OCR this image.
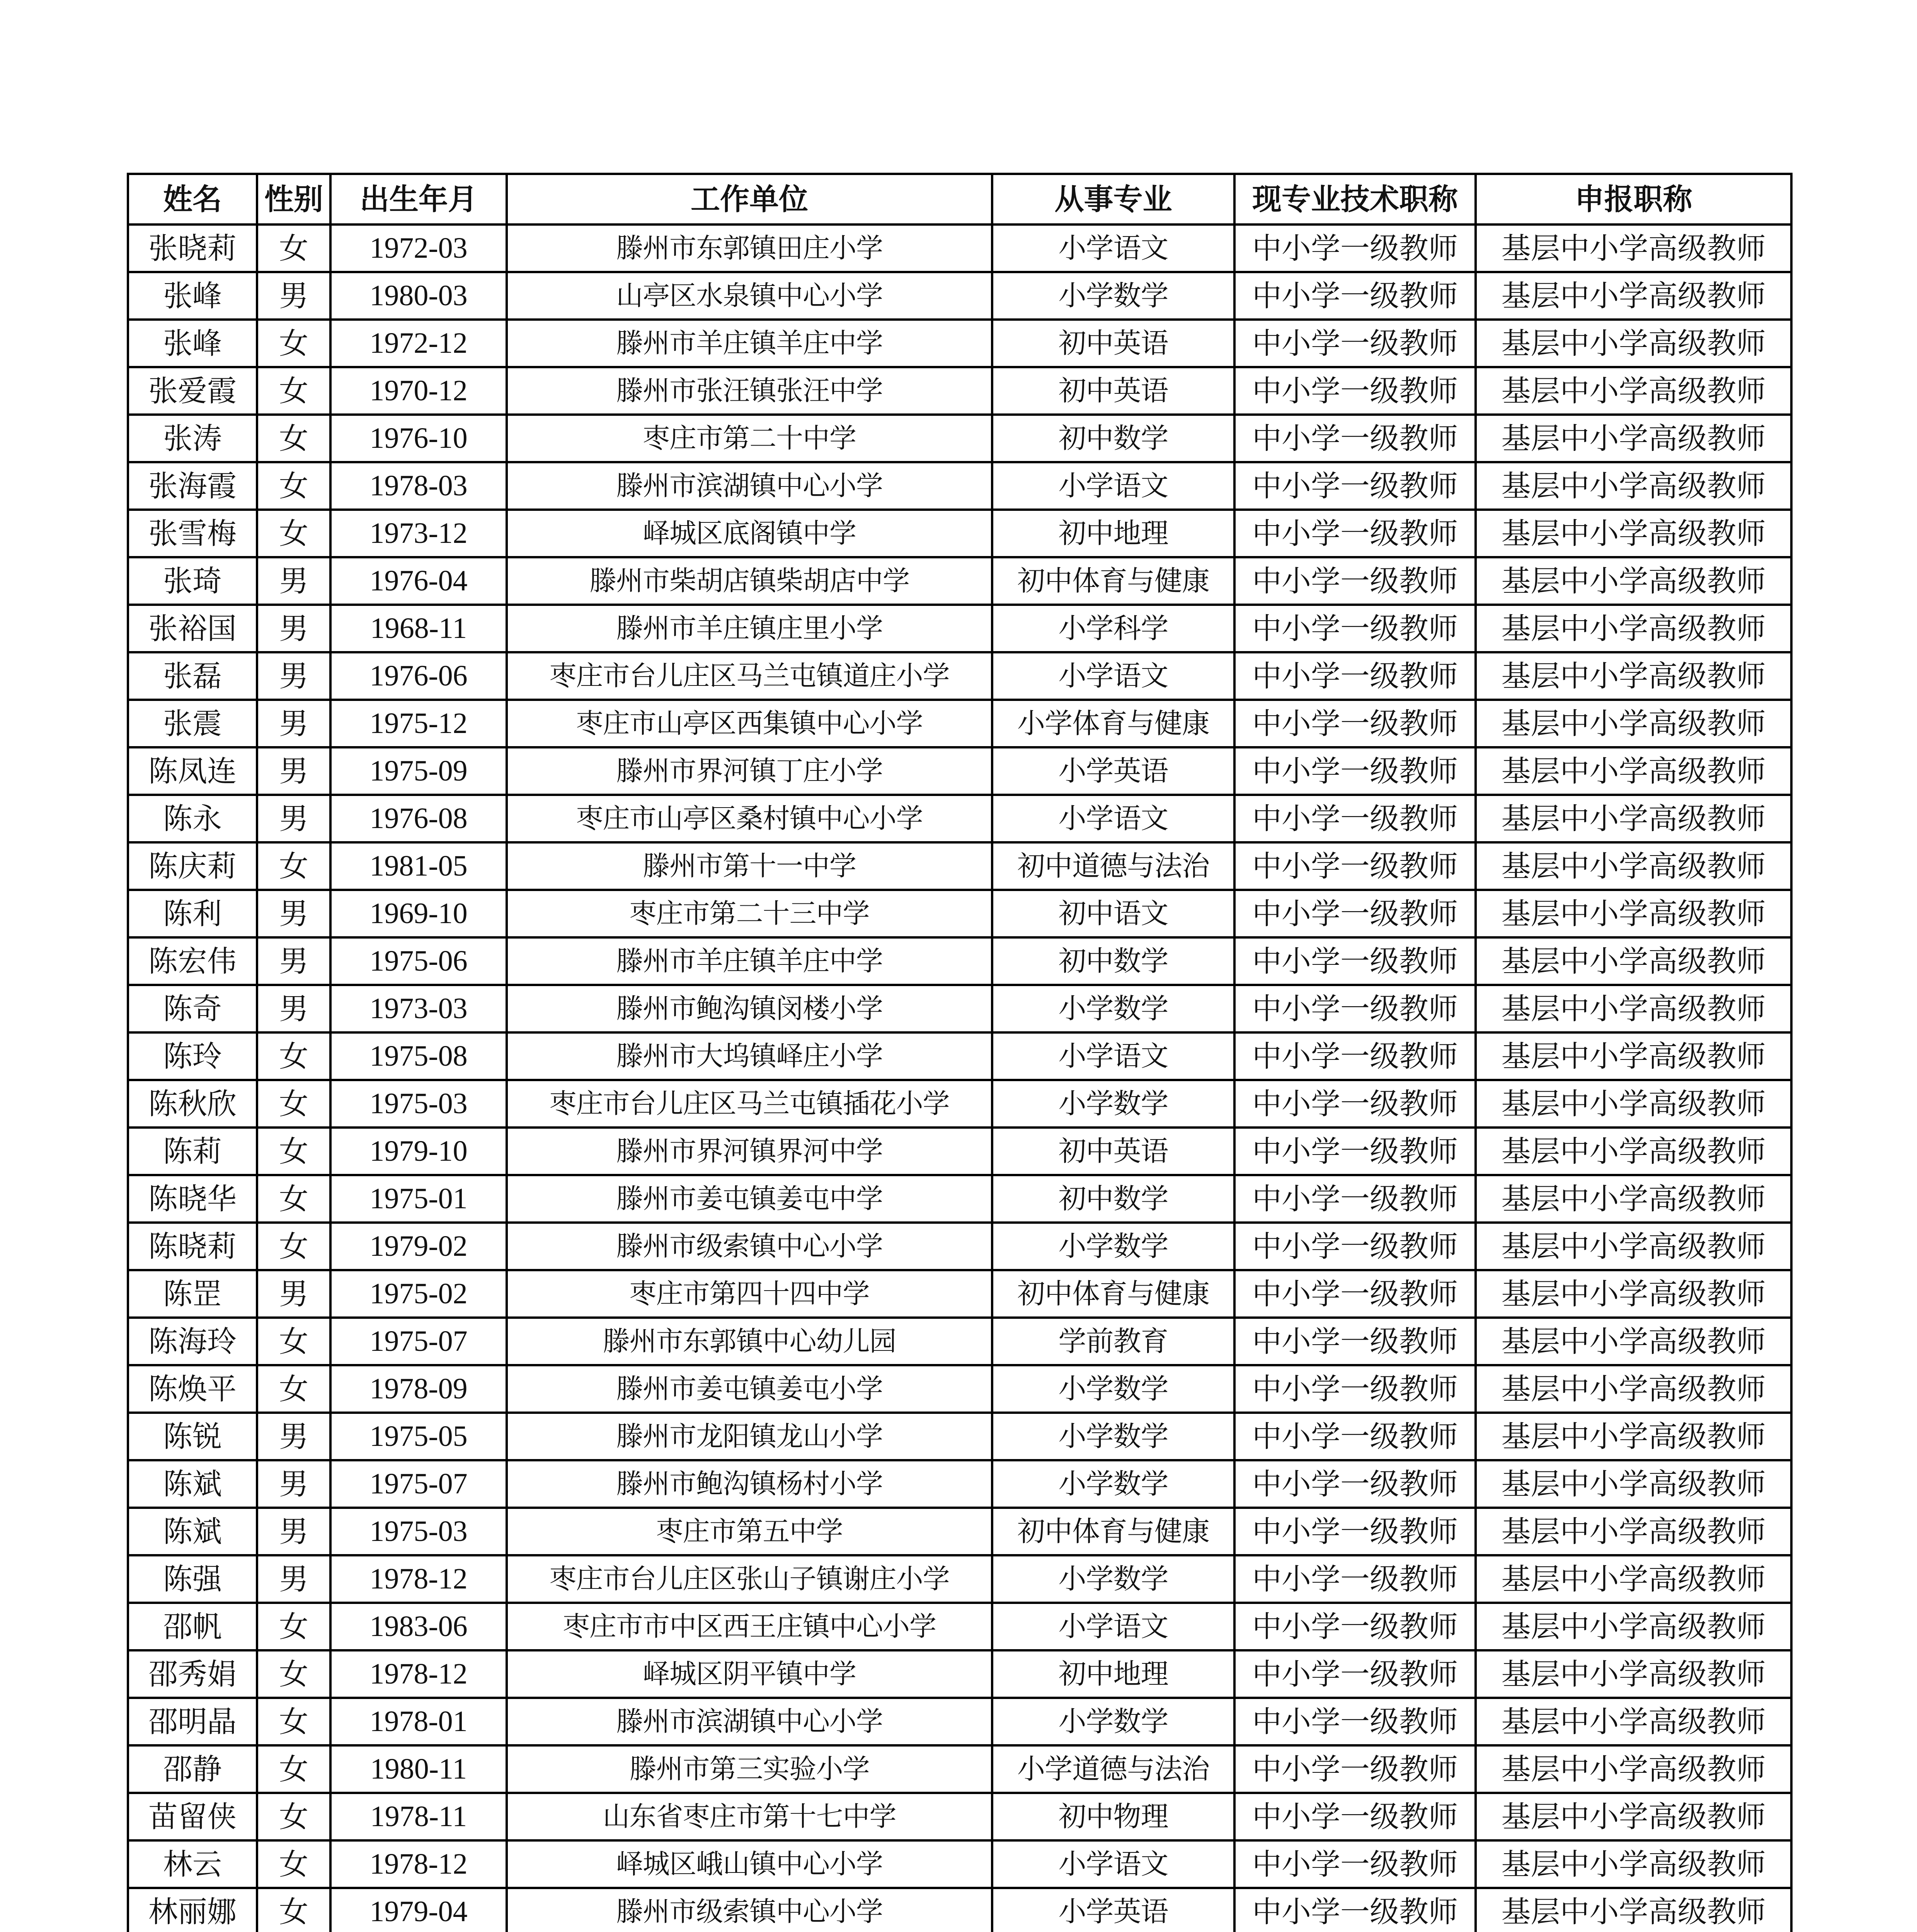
姓名	性别	出生年月	工作单位	从事专业	现专业技术职称	申报职称
张晓莉	女	1972-03	滕州市东郭镇田庄小学	小学语文	中小学一级教师	基层中小学高级教师
张峰	男	1980-03	山亭区水泉镇中心小学	小学数学	中小学一级教师	基层中小学高级教师
张峰	女	1972-12	滕州市羊庄镇羊庄中学	初中英语	中小学一级教师	基层中小学高级教师
张爱霞	女	1970-12	滕州市张汪镇张汪中学	初中英语	中小学一级教师	基层中小学高级教师
张涛	女	1976-10	枣庄市第二十中学	初中数学	中小学一级教师	基层中小学高级教师
张海霞	女	1978-03	滕州市滨湖镇中心小学	小学语文	中小学一级教师	基层中小学高级教师
张雪梅	女	1973-12	峄城区底阁镇中学	初中地理	中小学一级教师	基层中小学高级教师
张琦	男	1976-04	滕州市柴胡店镇柴胡店中学	初中体育与健康	中小学一级教师	基层中小学高级教师
张裕国	男	1968-11	滕州市羊庄镇庄里小学	小学科学	中小学一级教师	基层中小学高级教师
张磊	男	1976-06	枣庄市台儿庄区马兰屯镇道庄小学	小学语文	中小学一级教师	基层中小学高级教师
张震	男	1975-12	枣庄市山亭区西集镇中心小学	小学体育与健康	中小学一级教师	基层中小学高级教师
陈凤连	男	1975-09	滕州市界河镇丁庄小学	小学英语	中小学一级教师	基层中小学高级教师
陈永	男	1976-08	枣庄市山亭区桑村镇中心小学	小学语文	中小学一级教师	基层中小学高级教师
陈庆莉	女	1981-05	滕州市第十一中学	初中道德与法治	中小学一级教师	基层中小学高级教师
陈利	男	1969-10	枣庄市第二十三中学	初中语文	中小学一级教师	基层中小学高级教师
陈宏伟	男	1975-06	滕州市羊庄镇羊庄中学	初中数学	中小学一级教师	基层中小学高级教师
陈奇	男	1973-03	滕州市鲍沟镇闵楼小学	小学数学	中小学一级教师	基层中小学高级教师
陈玲	女	1975-08	滕州市大坞镇峄庄小学	小学语文	中小学一级教师	基层中小学高级教师
陈秋欣	女	1975-03	枣庄市台儿庄区马兰屯镇插花小学	小学数学	中小学一级教师	基层中小学高级教师
陈莉	女	1979-10	滕州市界河镇界河中学	初中英语	中小学一级教师	基层中小学高级教师
陈晓华	女	1975-01	滕州市姜屯镇姜屯中学	初中数学	中小学一级教师	基层中小学高级教师
陈晓莉	女	1979-02	滕州市级索镇中心小学	小学数学	中小学一级教师	基层中小学高级教师
陈罡	男	1975-02	枣庄市第四十四中学	初中体育与健康	中小学一级教师	基层中小学高级教师
陈海玲	女	1975-07	滕州市东郭镇中心幼儿园	学前教育	中小学一级教师	基层中小学高级教师
陈焕平	女	1978-09	滕州市姜屯镇姜屯小学	小学数学	中小学一级教师	基层中小学高级教师
陈锐	男	1975-05	滕州市龙阳镇龙山小学	小学数学	中小学一级教师	基层中小学高级教师
陈斌	男	1975-07	滕州市鲍沟镇杨村小学	小学数学	中小学一级教师	基层中小学高级教师
陈斌	男	1975-03	枣庄市第五中学	初中体育与健康	中小学一级教师	基层中小学高级教师
陈强	男	1978-12	枣庄市台儿庄区张山子镇谢庄小学	小学数学	中小学一级教师	基层中小学高级教师
邵帆	女	1983-06	枣庄市市中区西王庄镇中心小学	小学语文	中小学一级教师	基层中小学高级教师
邵秀娟	女	1978-12	峄城区阴平镇中学	初中地理	中小学一级教师	基层中小学高级教师
邵明晶	女	1978-01	滕州市滨湖镇中心小学	小学数学	中小学一级教师	基层中小学高级教师
邵静	女	1980-11	滕州市第三实验小学	小学道德与法治	中小学一级教师	基层中小学高级教师
苗留侠	女	1978-11	山东省枣庄市第十七中学	初中物理	中小学一级教师	基层中小学高级教师
林云	女	1978-12	峄城区峨山镇中心小学	小学语文	中小学一级教师	基层中小学高级教师
林丽娜	女	1979-04	滕州市级索镇中心小学	小学英语	中小学一级教师	基层中小学高级教师
